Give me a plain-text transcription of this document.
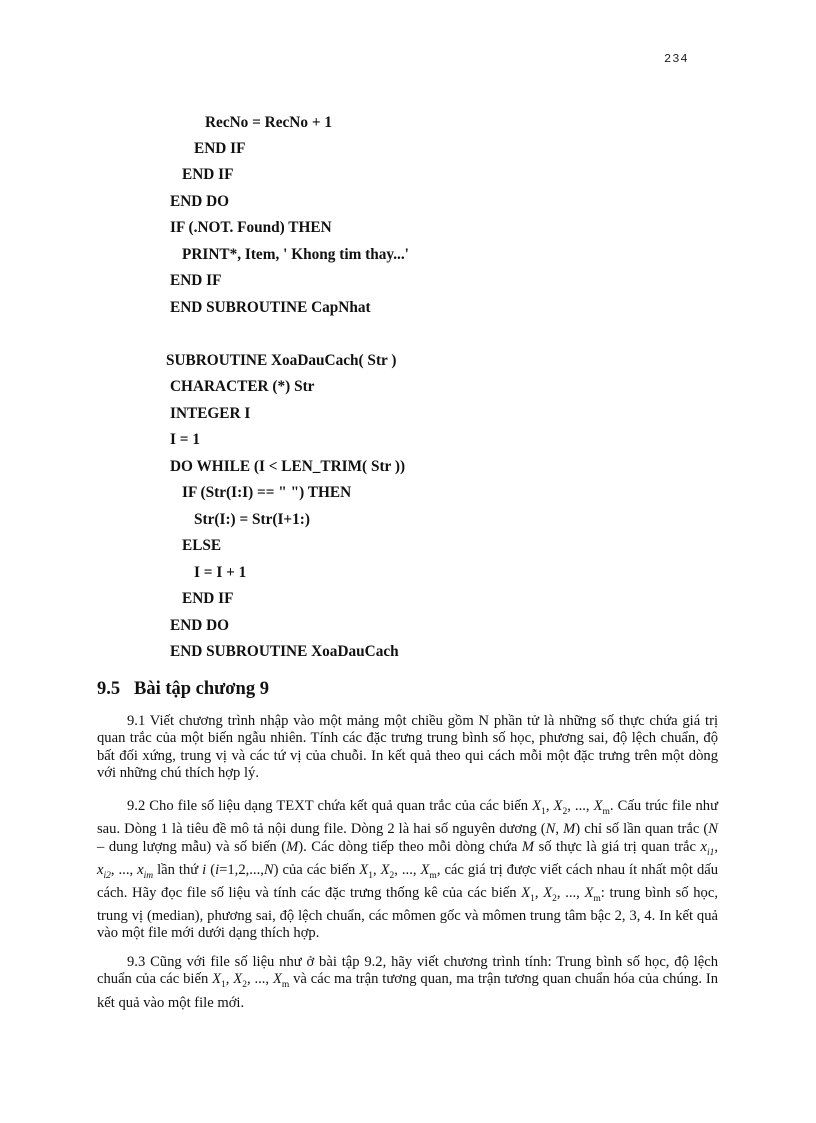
234
RecNo = RecNo + 1
END IF
END IF
END DO
IF (.NOT. Found) THEN
PRINT*, Item, ' Khong tim thay...'
END IF
END SUBROUTINE CapNhat
SUBROUTINE XoaDauCach( Str )
CHARACTER (*) Str
INTEGER I
I = 1
DO WHILE (I < LEN_TRIM( Str ))
IF (Str(I:I) == " ") THEN
Str(I:) = Str(I+1:)
ELSE
I = I + 1
END IF
END DO
END SUBROUTINE XoaDauCach
9.5   Bài tập chương 9
9.1 Viết chương trình nhập vào một mảng một chiều gồm N phần tử là những số thực chứa giá trị quan trắc của một biến ngẫu nhiên. Tính các đặc trưng trung bình số học, phương sai, độ lệch chuẩn, độ bất đối xứng, trung vị và các tứ vị của chuỗi. In kết quả theo qui cách mỗi một đặc trưng trên một dòng với những chú thích hợp lý.
9.2 Cho file số liệu dạng TEXT chứa kết quả quan trắc của các biến $X_1$, $X_2$, ..., $X_m$. Cấu trúc file như sau. Dòng 1 là tiêu đề mô tả nội dung file. Dòng 2 là hai số nguyên dương (N, M) chỉ số lần quan trắc (N – dung lượng mẫu) và số biến (M). Các dòng tiếp theo mỗi dòng chứa M số thực là giá trị quan trắc $x_{i1}$, $x_{i2}$, ..., $x_{im}$ lần thứ i (i=1,2,...,N) của các biến $X_1$, $X_2$, ..., $X_m$, các giá trị được viết cách nhau ít nhất một dấu cách. Hãy đọc file số liệu và tính các đặc trưng thống kê của các biến $X_1$, $X_2$, ..., $X_m$: trung bình số học, trung vị (median), phương sai, độ lệch chuẩn, các mômen gốc và mômen trung tâm bậc 2, 3, 4. In kết quả vào một file mới dưới dạng thích hợp.
9.3 Cũng với file số liệu như ở bài tập 9.2, hãy viết chương trình tính: Trung bình số học, độ lệch chuẩn của các biến $X_1$, $X_2$, ..., $X_m$ và các ma trận tương quan, ma trận tương quan chuẩn hóa của chúng. In kết quả vào một file mới.
